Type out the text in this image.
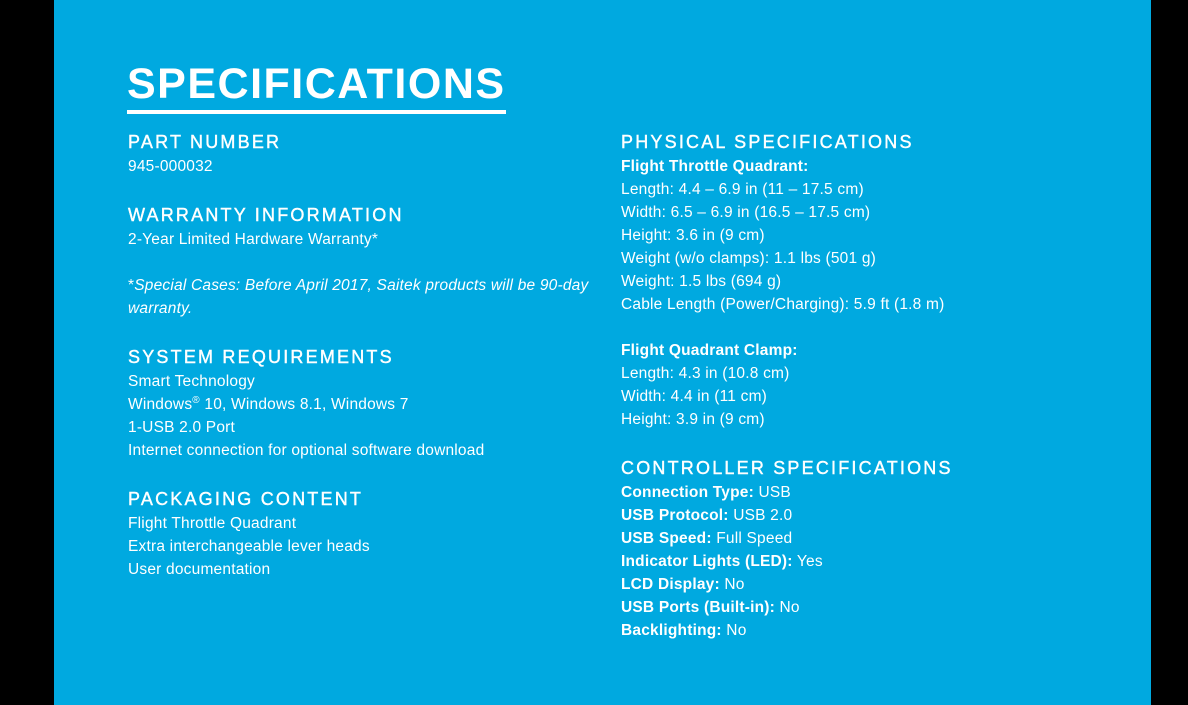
SPECIFICATIONS
PART NUMBER
945-000032
WARRANTY INFORMATION
2-Year Limited Hardware Warranty*
*Special Cases: Before April 2017, Saitek products will be 90-day warranty.
SYSTEM REQUIREMENTS
Smart Technology
Windows® 10, Windows 8.1, Windows 7
1-USB 2.0 Port
Internet connection for optional software download
PACKAGING CONTENT
Flight Throttle Quadrant
Extra interchangeable lever heads
User documentation
PHYSICAL SPECIFICATIONS
Flight Throttle Quadrant:
Length: 4.4 – 6.9 in (11 – 17.5 cm)
Width: 6.5 – 6.9 in (16.5 – 17.5 cm)
Height: 3.6 in (9 cm)
Weight (w/o clamps): 1.1 lbs (501 g)
Weight: 1.5 lbs (694 g)
Cable Length (Power/Charging): 5.9 ft (1.8 m)
Flight Quadrant Clamp:
Length: 4.3 in (10.8 cm)
Width: 4.4 in (11 cm)
Height: 3.9 in (9 cm)
CONTROLLER SPECIFICATIONS
Connection Type: USB
USB Protocol: USB 2.0
USB Speed: Full Speed
Indicator Lights (LED): Yes
LCD Display: No
USB Ports (Built-in): No
Backlighting: No
